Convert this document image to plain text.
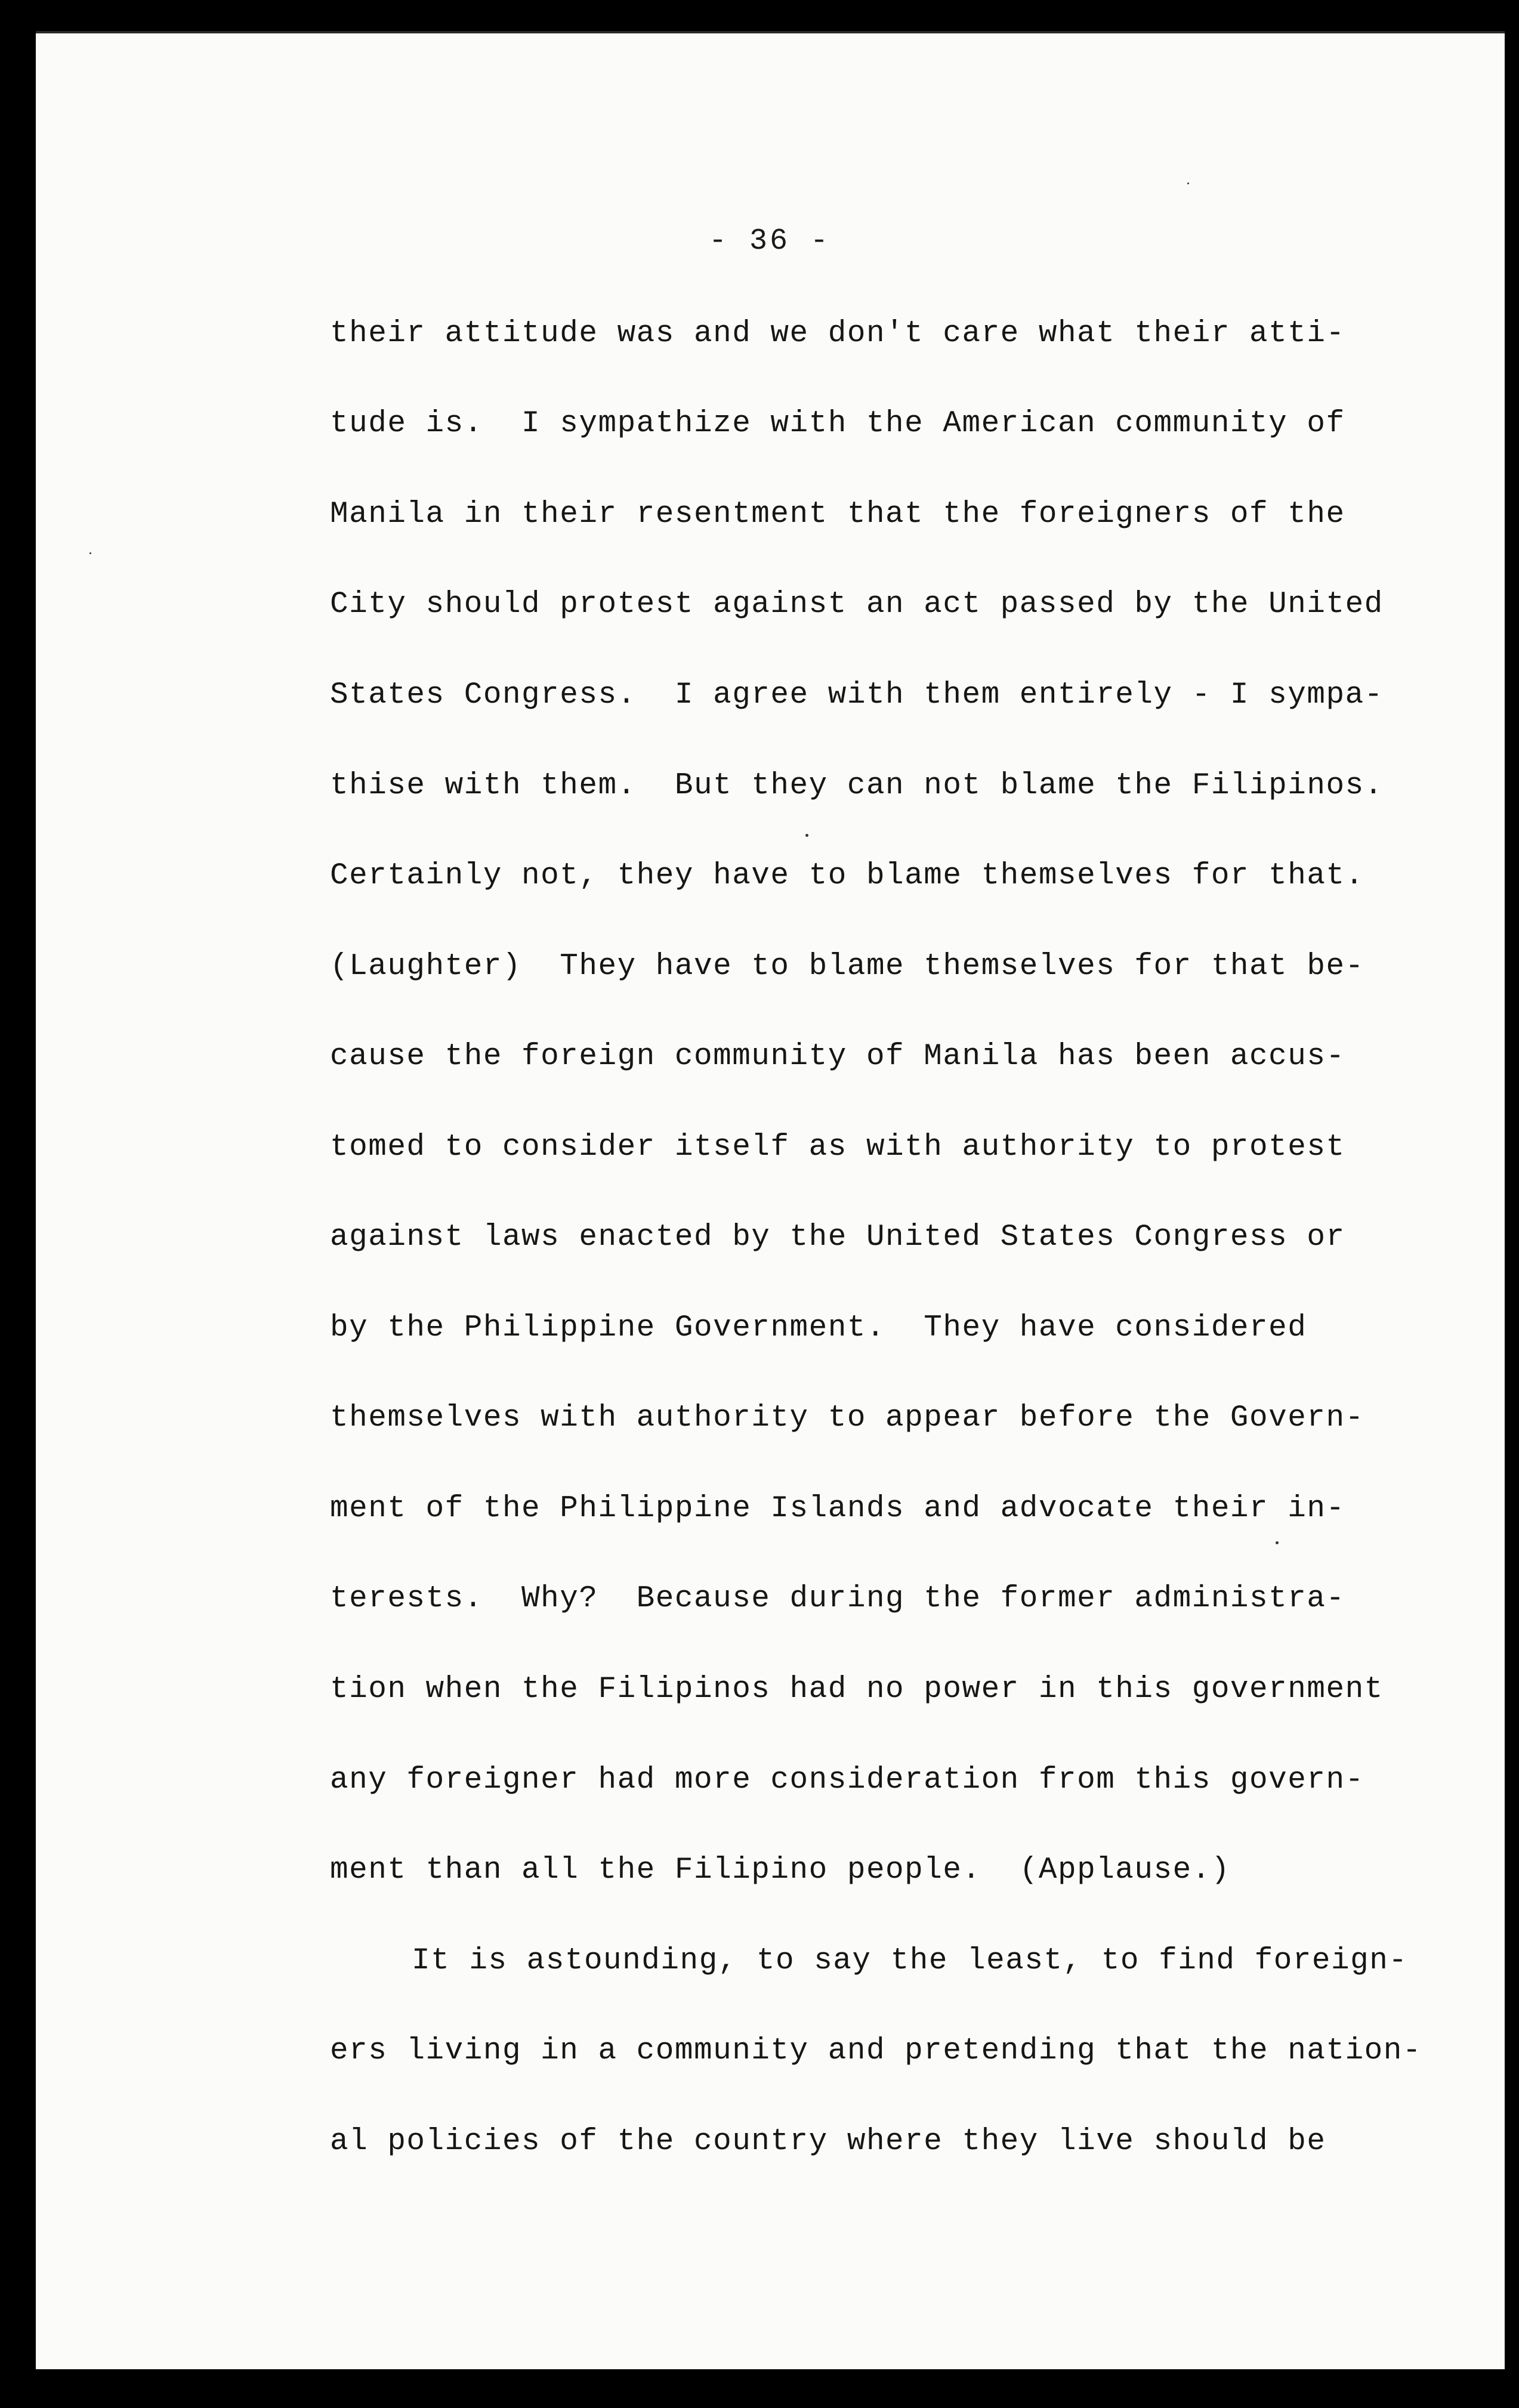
- 36 -
their attitude was and we don't care what their atti-
tude is.  I sympathize with the American community of
Manila in their resentment that the foreigners of the
City should protest against an act passed by the United
States Congress.  I agree with them entirely - I sympa-
thise with them.  But they can not blame the Filipinos.
Certainly not, they have to blame themselves for that.
(Laughter)  They have to blame themselves for that be-
cause the foreign community of Manila has been accus-
tomed to consider itself as with authority to protest
against laws enacted by the United States Congress or
by the Philippine Government.  They have considered
themselves with authority to appear before the Govern-
ment of the Philippine Islands and advocate their in-
terests.  Why?  Because during the former administra-
tion when the Filipinos had no power in this government
any foreigner had more consideration from this govern-
ment than all the Filipino people.  (Applause.)
It is astounding, to say the least, to find foreign-
ers living in a community and pretending that the nation-
al policies of the country where they live should be
